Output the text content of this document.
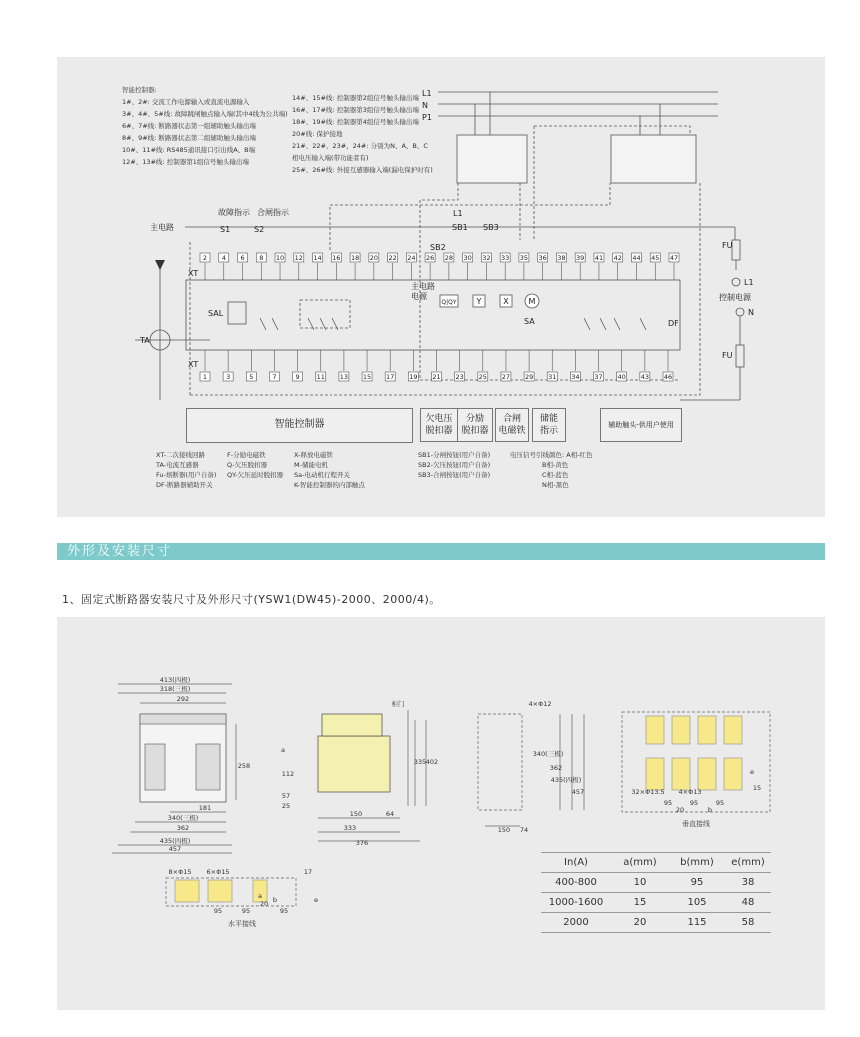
智能控制器:
1#、2#: 交流工作电源输入或直流电源输入
3#、4#、5#线: 故障跳闸触点输入端(其中4线为公共端)
6#、7#线: 断路器状态第一组辅助触头输出端
8#、9#线: 断路器状态第二组辅助触头输出端
10#、11#线: RS485通讯接口引出线A、B端
12#、13#线: 控制器第1组信号触头输出端
14#、15#线: 控制器第2组信号触头输出端
16#、17#线: 控制器第3组信号触头输出端
18#、19#线: 控制器第4组信号触头输出端
20#线: 保护接地
21#、22#、23#、24#: 分别为N、A、B、C
相电压输入端(带功能者有)
25#、26#线: 外接互感器输入端(漏电保护时有)
2 4 6 8 10 12 14 16 18 20 22 24 26 28 30 32 33 35 36 38 39 41 42 44 45 47
1	3	5	7	9	11 13 15 17 19 21 23 25 27 29 31 34 37 40 43 46
Q|QY Y	X M
L1
N
P1
主电路
故障指示 合闸指示
S1	S2
L1
SB1
SB2
SB3
XT
XT
TA
SAL
SA	DF
FU
FU
L1
控制电源
N
主电路
电源
智能控制器	欠电压
脱扣器
分励
脱扣器
合闸
电磁铁
储能
指示
辅助触头-供用户使用
XT-二次接线回路
TA-电流互感器
Fu-熔断器(用户自备)
DF-断路器辅助开关
F-分励电磁铁
Q-欠压脱扣器
QY-欠压延时脱扣器
X-释放电磁铁
M-储能电机
Sa-电动机行程开关
K-智能控制器的内部触点
SB1-分闸按钮(用户自备)
SB2-欠压按钮(用户自备)
SB3-合闸按钮(用户自备)
电压信号引线颜色: A相-红色
B相-黄色
C相-蓝色
N相-黑色
外形及安装尺寸
1、固定式断路器安装尺寸及外形尺寸(YSW1(DW45)-2000、2000/4)。
413(四极)
318(三极)
292
258
181
340(三极)
362
435(四极)
457
柜门
335 402
112
57
25
150	64
333
376
a
4×Φ12
340(三极)
362
435(四极)
457
150 74
32×Φ13.5 4×Φ13
95	95	95
20
e
15
b
垂直接线
8×Φ15 6×Φ15
95	95	95
20 b
a	e
17
水平接线
In(A)	a(mm)	b(mm)	e(mm)
400-800	10	95	38
1000-1600	15	105	48
2000	20	115	58
